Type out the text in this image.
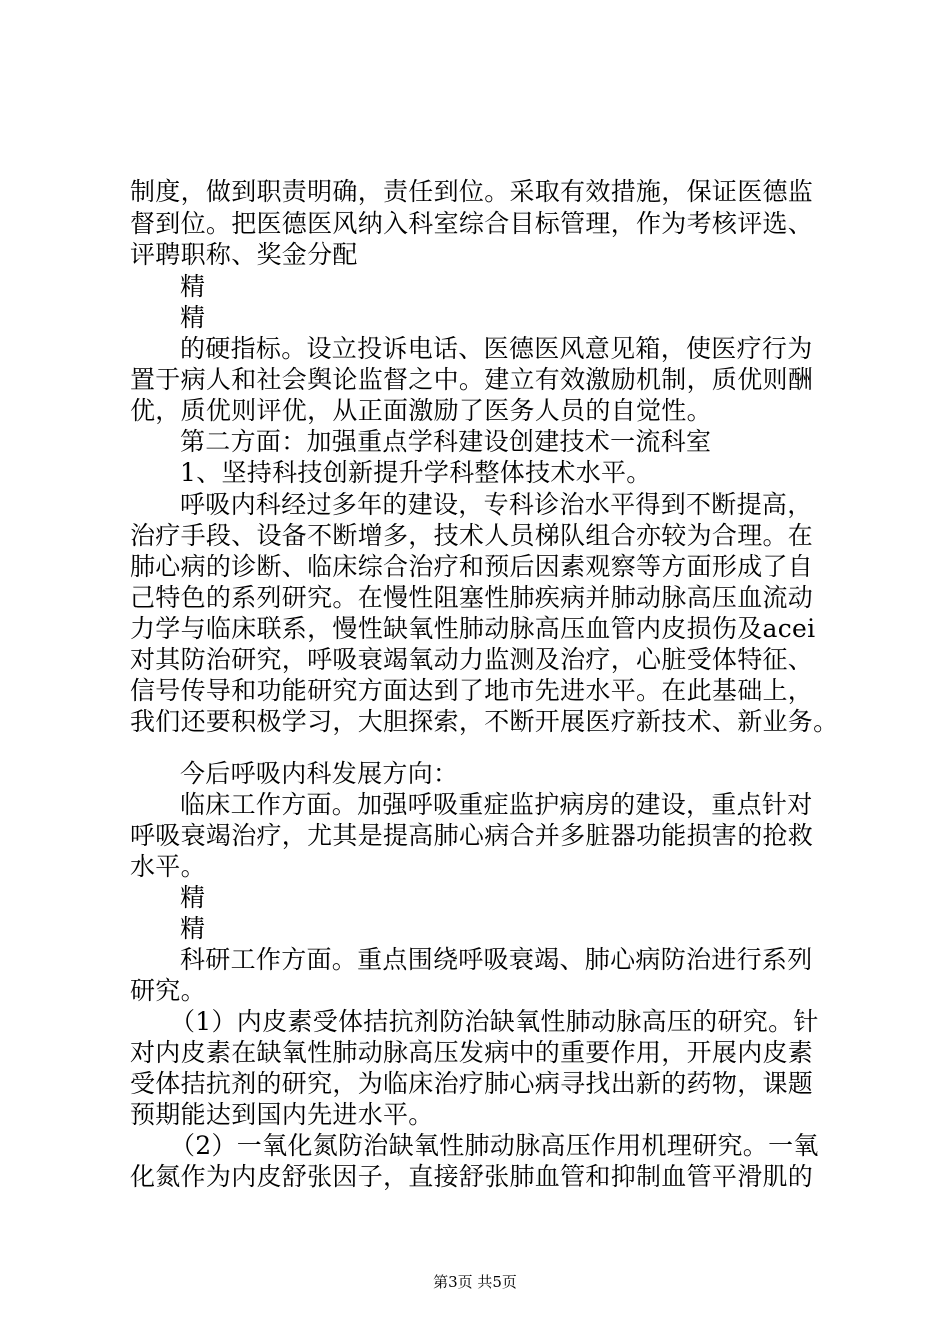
制度，做到职责明确，责任到位。采取有效措施，保证医德监
督到位。把医德医风纳入科室综合目标管理，作为考核评选、
评聘职称、奖金分配
精
精
的硬指标。设立投诉电话、医德医风意见箱，使医疗行为
置于病人和社会舆论监督之中。建立有效激励机制，质优则酬
优，质优则评优，从正面激励了医务人员的自觉性。
第二方面：加强重点学科建设创建技术一流科室
1、坚持科技创新提升学科整体技术水平。
呼吸内科经过多年的建设，专科诊治水平得到不断提高，
治疗手段、设备不断增多，技术人员梯队组合亦较为合理。在
肺心病的诊断、临床综合治疗和预后因素观察等方面形成了自
己特色的系列研究。在慢性阻塞性肺疾病并肺动脉高压血流动
力学与临床联系，慢性缺氧性肺动脉高压血管内皮损伤及acei
对其防治研究，呼吸衰竭氧动力监测及治疗，心脏受体特征、
信号传导和功能研究方面达到了地市先进水平。在此基础上，
我们还要积极学习，大胆探索，不断开展医疗新技术、新业务。
今后呼吸内科发展方向：
临床工作方面。加强呼吸重症监护病房的建设，重点针对
呼吸衰竭治疗，尤其是提高肺心病合并多脏器功能损害的抢救
水平。
精
精
科研工作方面。重点围绕呼吸衰竭、肺心病防治进行系列
研究。
（1）内皮素受体拮抗剂防治缺氧性肺动脉高压的研究。针
对内皮素在缺氧性肺动脉高压发病中的重要作用，开展内皮素
受体拮抗剂的研究，为临床治疗肺心病寻找出新的药物，课题
预期能达到国内先进水平。
（2）一氧化氮防治缺氧性肺动脉高压作用机理研究。一氧
化氮作为内皮舒张因子，直接舒张肺血管和抑制血管平滑肌的
第3页 共5页
